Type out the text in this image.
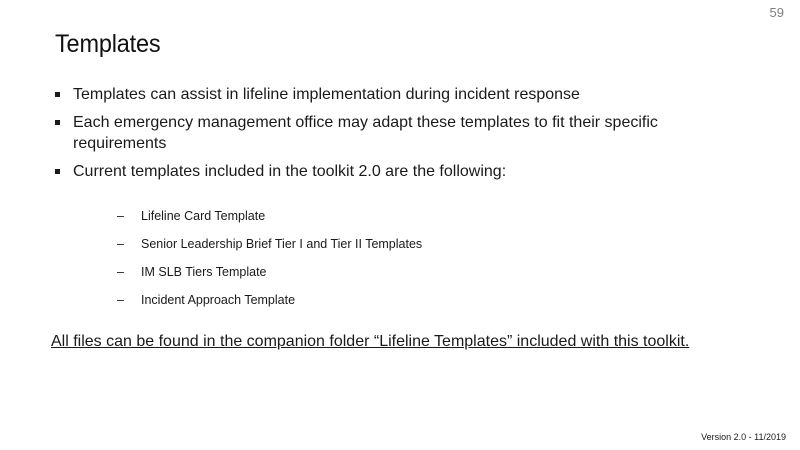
59
Templates
Templates can assist in lifeline implementation during incident response
Each emergency management office may adapt these templates to fit their specific requirements
Current templates included in the toolkit 2.0 are the following:
– Lifeline Card Template
– Senior Leadership Brief Tier I and Tier II Templates
– IM SLB Tiers Template
– Incident Approach Template
All files can be found in the companion folder “Lifeline Templates” included with this toolkit.
Version 2.0 - 11/2019
